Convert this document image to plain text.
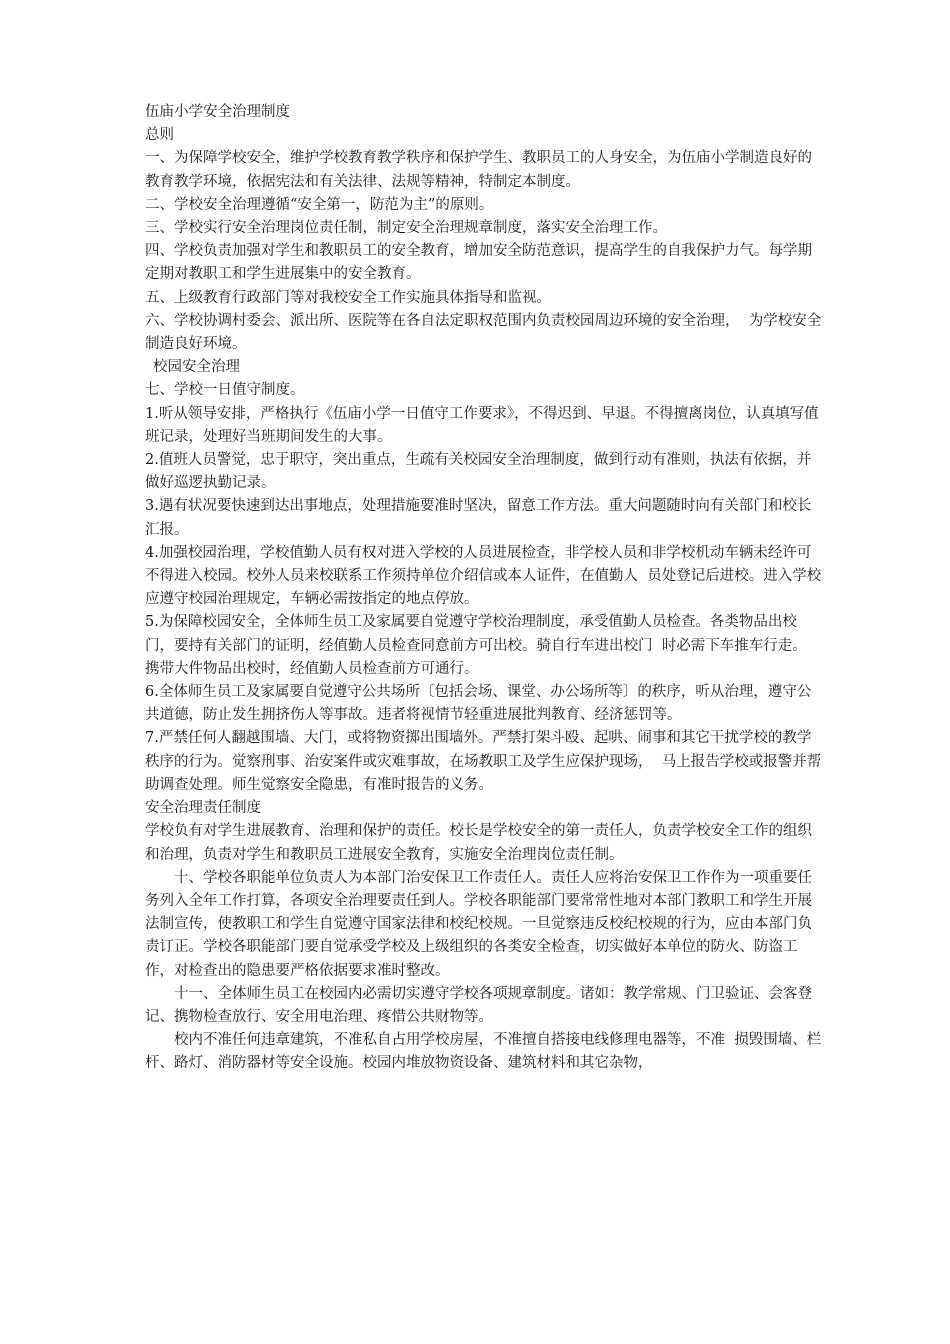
伍庙小学安全治理制度

总则

一、为保障学校安全，维护学校教育教学秩序和保护学生、教职员工的人身安全，为伍庙小学制造良好的教育教学环境，依据宪法和有关法律、法规等精神，特制定本制度。

二、学校安全治理遵循“安全第一，防范为主”的原则。

三、学校实行安全治理岗位责任制，制定安全治理规章制度，落实安全治理工作。

四、学校负责加强对学生和教职员工的安全教育，增加安全防范意识，提高学生的自我保护力气。每学期定期对教职工和学生进展集中的安全教育。

五、上级教育行政部门等对我校安全工作实施具体指导和监视。

六、学校协调村委会、派出所、医院等在各自法定职权范围内负责校园周边环境的安全治理，  为学校安全制造良好环境。

校园安全治理

七、学校一日值守制度。

1.听从领导安排，严格执行《伍庙小学一日值守工作要求》，不得迟到、早退。不得擅离岗位，认真填写值班记录，处理好当班期间发生的大事。

2.值班人员警觉，忠于职守，突出重点，生疏有关校园安全治理制度，做到行动有准则，执法有依据，并做好巡逻执勤记录。

3.遇有状况要快速到达出事地点，处理措施要准时坚决，留意工作方法。重大问题随时向有关部门和校长汇报。

4.加强校园治理，学校值勤人员有权对进入学校的人员进展检查，非学校人员和非学校机动车辆未经许可不得进入校园。校外人员来校联系工作须持单位介绍信或本人证件，在值勤人  员处登记后进校。进入学校应遵守校园治理规定，车辆必需按指定的地点停放。

5.为保障校园安全，全体师生员工及家属要自觉遵守学校治理制度，承受值勤人员检查。各类物品出校门，要持有关部门的证明，经值勤人员检查同意前方可出校。骑自行车进出校门  时必需下车推车行走。  携带大件物品出校时，经值勤人员检查前方可通行。

6.全体师生员工及家属要自觉遵守公共场所〔包括会场、课堂、办公场所等〕的秩序，听从治理，遵守公共道德，防止发生拥挤伤人等事故。违者将视情节轻重进展批判教育、经济惩罚等。

7.严禁任何人翻越围墙、大门，或将物资掷出围墙外。严禁打架斗殴、起哄、闹事和其它干扰学校的教学秩序的行为。觉察刑事、治安案件或灾难事故，在场教职工及学生应保护现场，  马上报告学校或报警并帮助调查处理。师生觉察安全隐患，有准时报告的义务。

安全治理责任制度

学校负有对学生进展教育、治理和保护的责任。校长是学校安全的第一责任人，负责学校安全工作的组织和治理，负责对学生和教职员工进展安全教育，实施安全治理岗位责任制。

十、学校各职能单位负责人为本部门治安保卫工作责任人。责任人应将治安保卫工作作为一项重要任务列入全年工作打算，各项安全治理要责任到人。学校各职能部门要常常性地对本部门教职工和学生开展法制宣传，使教职工和学生自觉遵守国家法律和校纪校规。一旦觉察违反校纪校规的行为，应由本部门负责订正。学校各职能部门要自觉承受学校及上级组织的各类安全检查，切实做好本单位的防火、防盗工作，对检查出的隐患要严格依据要求准时整改。

十一、全体师生员工在校园内必需切实遵守学校各项规章制度。诸如：教学常规、门卫验证、会客登记、携物检查放行、安全用电治理、疼惜公共财物等。

校内不准任何违章建筑，不准私自占用学校房屋，不准擅自搭接电线修理电器等，不准  损毁围墙、栏杆、路灯、消防器材等安全设施。校园内堆放物资设备、建筑材料和其它杂物，
